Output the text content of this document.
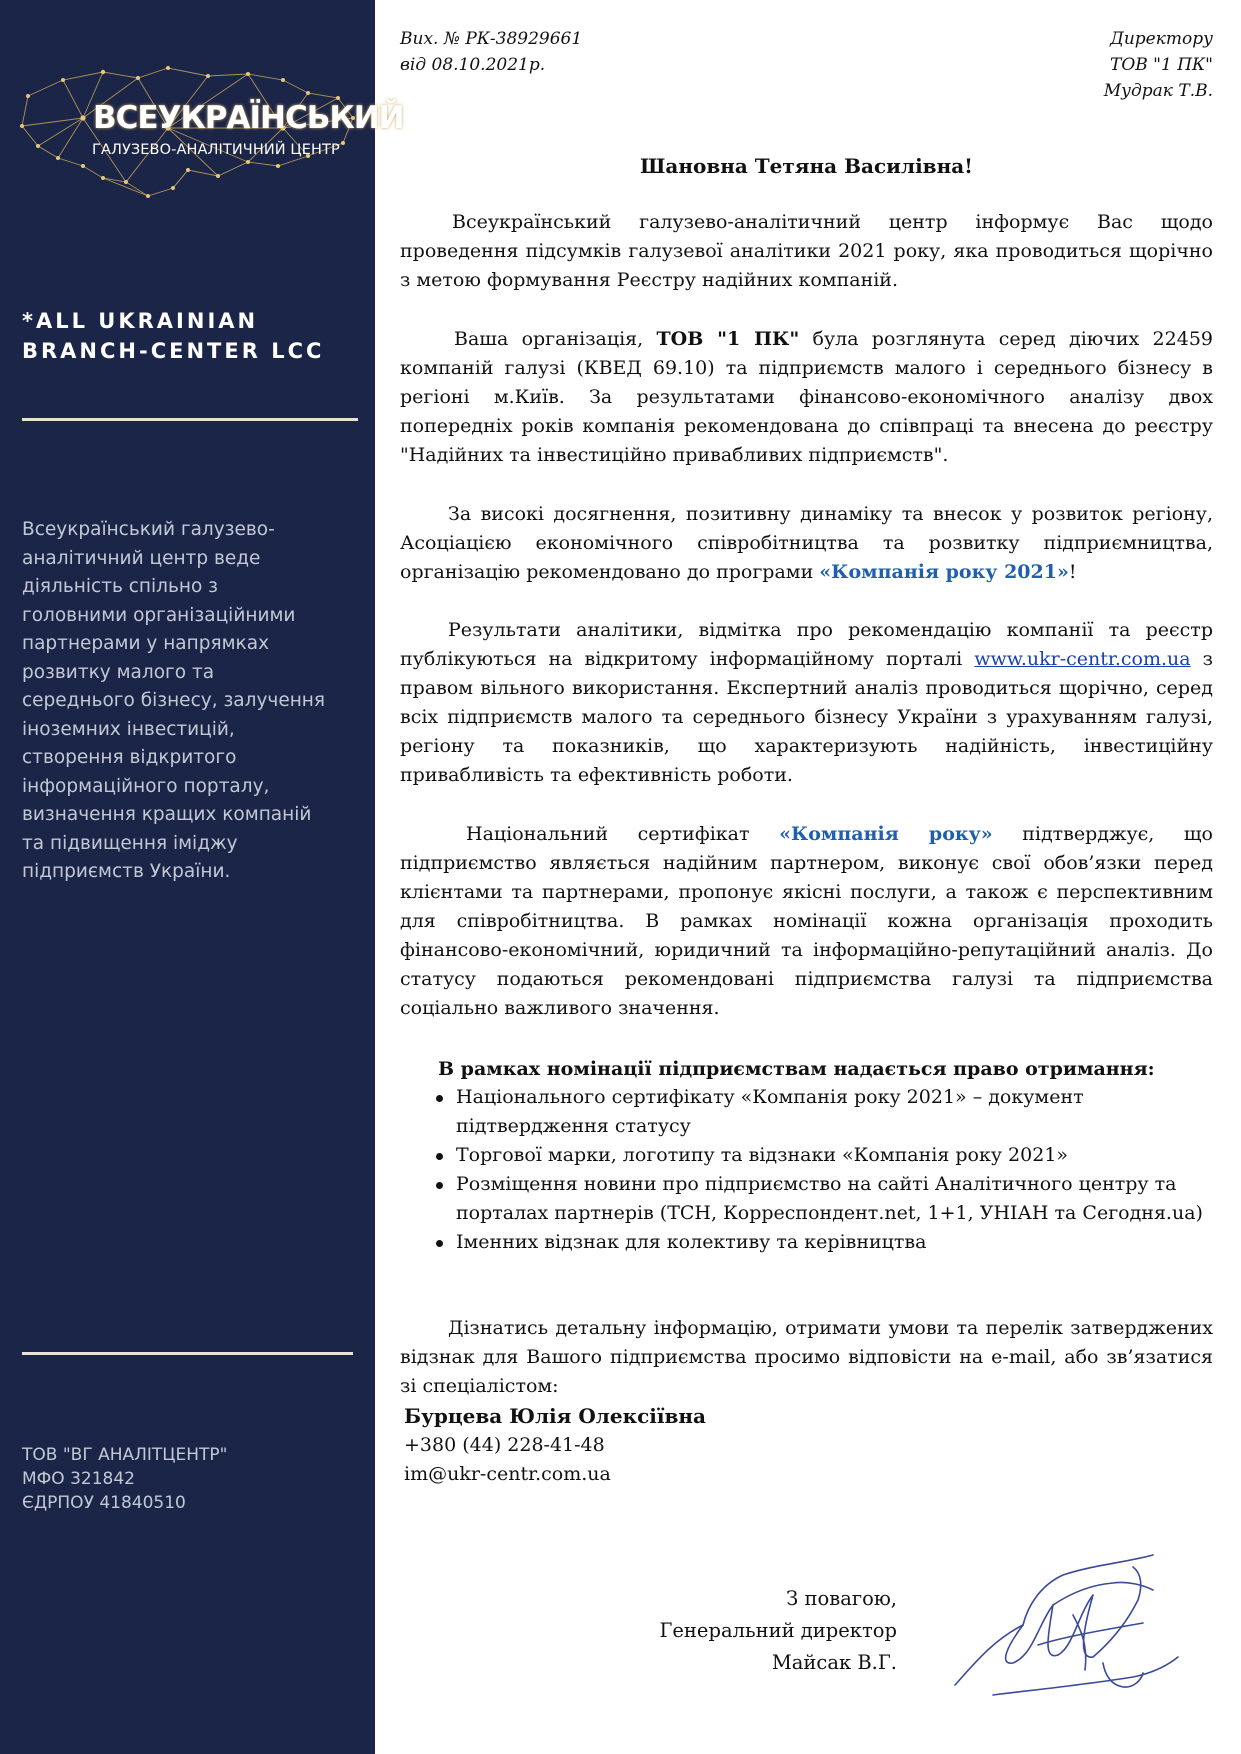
ВСЕУКРАЇНСЬКИЙ
ГАЛУЗЕВО-АНАЛІТИЧНИЙ ЦЕНТР
*ALL UKRAINIAN
BRANCH-CENTER LCC
Всеукраїнський галузево-
аналітичний центр веде
діяльність спільно з
головними організаційними
партнерами у напрямках
розвитку малого та
середнього бізнесу, залучення
іноземних інвестицій,
створення відкритого
інформаційного порталу,
визначення кращих компаній
та підвищення іміджу
підприємств України.
ТОВ "ВГ АНАЛІТЦЕНТР"
МФО 321842
ЄДРПОУ 41840510
Вих. № РК-38929661
від 08.10.2021р.
Директору
ТОВ "1 ПК"
Мудрак Т.В.
Шановна Тетяна Василівна!

Всеукраїнський галузево-аналітичний центр інформує Вас щодо проведення підсумків галузевої аналітики 2021 року, яка проводиться щорічно з метою формування Реєстру надійних компаній.

Ваша організація, ТОВ "1 ПК" була розглянута серед діючих 22459 компаній галузі (КВЕД 69.10) та підприємств малого і середнього бізнесу в регіоні м.Київ. За результатами фінансово-економічного аналізу двох попередніх років компанія рекомендована до співпраці та внесена до реєстру "Надійних та інвестиційно привабливих підприємств".

За високі досягнення, позитивну динаміку та внесок у розвиток регіону, Асоціацією економічного співробітництва та розвитку підприємництва, організацію рекомендовано до програми «Компанія року 2021»!

Результати аналітики, відмітка про рекомендацію компанії та реєстр публікуються на відкритому інформаційному порталі www.ukr-centr.com.ua з правом вільного використання. Експертний аналіз проводиться щорічно, серед всіх підприємств малого та середнього бізнесу України з урахуванням галузі, регіону та показників, що характеризують надійність, інвестиційну привабливість та ефективність роботи.

Національний сертифікат «Компанія року» підтверджує, що підприємство являється надійним партнером, виконує свої обов’язки перед клієнтами та партнерами, пропонує якісні послуги, а також є перспективним для співробітництва. В рамках номінації кожна організація проходить фінансово-економічний, юридичний та інформаційно-репутаційний аналіз. До статусу подаються рекомендовані підприємства галузі та підприємства соціально важливого значення.

В рамках номінації підприємствам надається право отримання:
Національного сертифікату «Компанія року 2021» – документ підтвердження статусу
Торгової марки, логотипу та відзнаки «Компанія року 2021»
Розміщення новини про підприємство на сайті Аналітичного центру та порталах партнерів (ТСН, Корреспондент.net, 1+1, УНІАН та Сегодня.ua)
Іменних відзнак для колективу та керівництва

Дізнатись детальну інформацію, отримати умови та перелік затверджених відзнак для Вашого підприємства просимо відповісти на e-mail, або зв’язатися зі спеціалістом:

Бурцева Юлія Олексіївна
+380 (44) 228-41-48
im@ukr-centr.com.ua
З повагою,
Генеральний директор
Майсак В.Г.
